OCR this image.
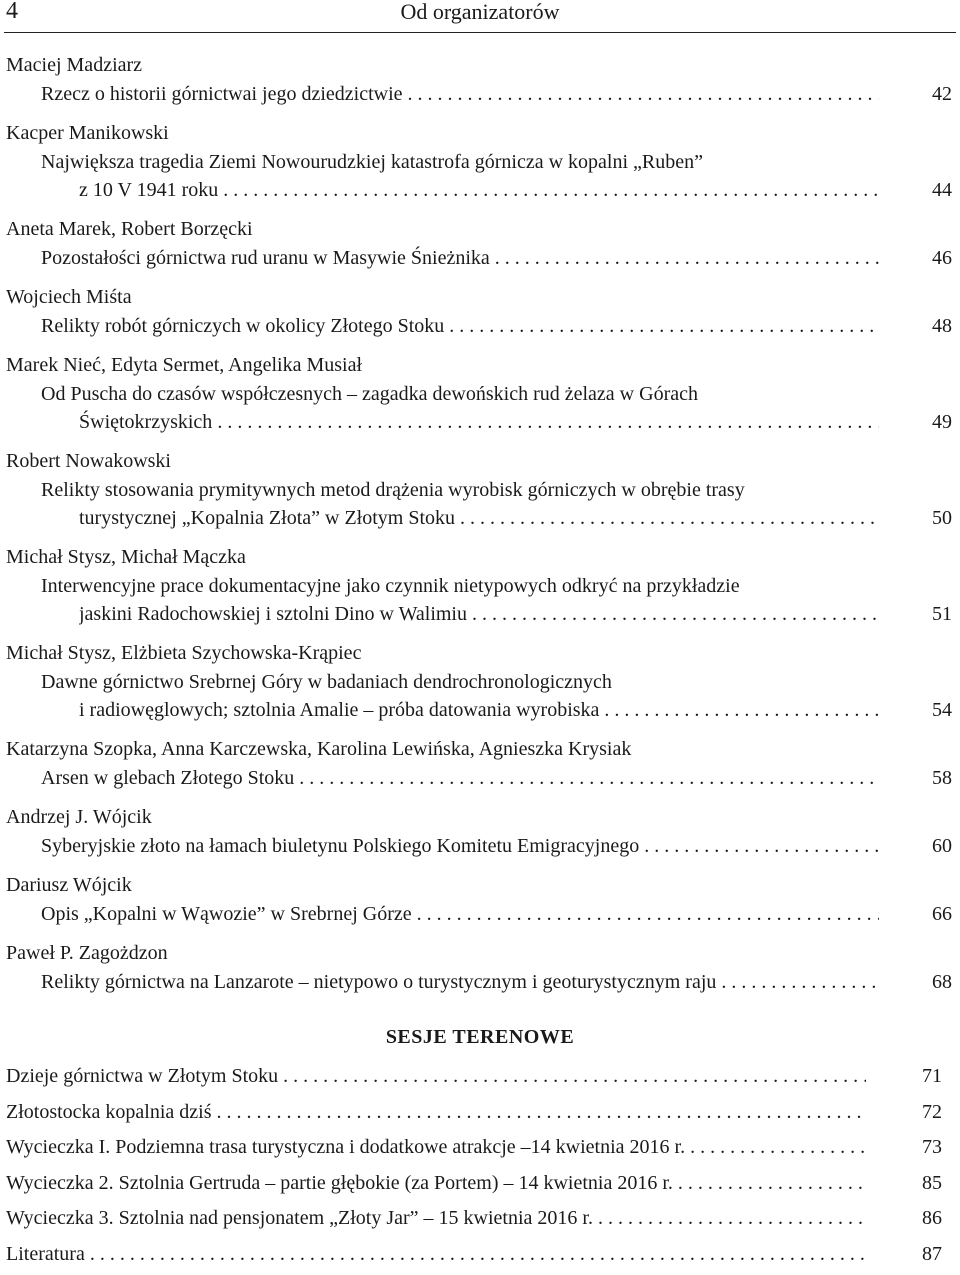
4	Od organizatorów
Maciej Madziarz
Rzecz o historii górnictwai jego dziedzictwie . . .	42
Kacper Manikowski
Największa tragedia Ziemi Nowourudzkiej katastrofa górnicza w kopalni „Ruben”
z 10 V 1941 roku . . .	44
Aneta Marek, Robert Borzęcki
Pozostałości górnictwa rud uranu w Masywie Śnieżnika . . .	46
Wojciech Miśta
Relikty robót górniczych w okolicy Złotego Stoku . . .	48
Marek Nieć, Edyta Sermet, Angelika Musiał
Od Puscha do czasów współczesnych – zagadka dewońskich rud żelaza w Górach
Świętokrzyskich . . .	49
Robert Nowakowski
Relikty stosowania prymitywnych metod drążenia wyrobisk górniczych w obrębie trasy
turystycznej „Kopalnia Złota” w Złotym Stoku . . .	50
Michał Stysz, Michał Mączka
Interwencyjne prace dokumentacyjne jako czynnik nietypowych odkryć na przykładzie
jaskini Radochowskiej i sztolni Dino w Walimiu . . .	51
Michał Stysz, Elżbieta Szychowska-Krąpiec
Dawne górnictwo Srebrnej Góry w badaniach dendrochronologicznych
i radiowęglowych; sztolnia Amalie – próba datowania wyrobiska . . .	54
Katarzyna Szopka, Anna Karczewska, Karolina Lewińska, Agnieszka Krysiak
Arsen w glebach Złotego Stoku . . .	58
Andrzej J. Wójcik
Syberyjskie złoto na łamach biuletynu Polskiego Komitetu Emigracyjnego . . .	60
Dariusz Wójcik
Opis „Kopalni w Wąwozie” w Srebrnej Górze . . .	66
Paweł P. Zagożdzon
Relikty górnictwa na Lanzarote – nietypowo o turystycznym i geoturystycznym raju . . .	68
SESJE TERENOWE
Dzieje górnictwa w Złotym Stoku . . .	71
Złotostocka kopalnia dziś . . .	72
Wycieczka I. Podziemna trasa turystyczna i dodatkowe atrakcje –14 kwietnia 2016 r. . . .	73
Wycieczka 2. Sztolnia Gertruda – partie głębokie (za Portem) – 14 kwietnia 2016 r. . . .	85
Wycieczka 3. Sztolnia nad pensjonatem „Złoty Jar” – 15 kwietnia 2016 r. . . .	86
Literatura . . .	87
